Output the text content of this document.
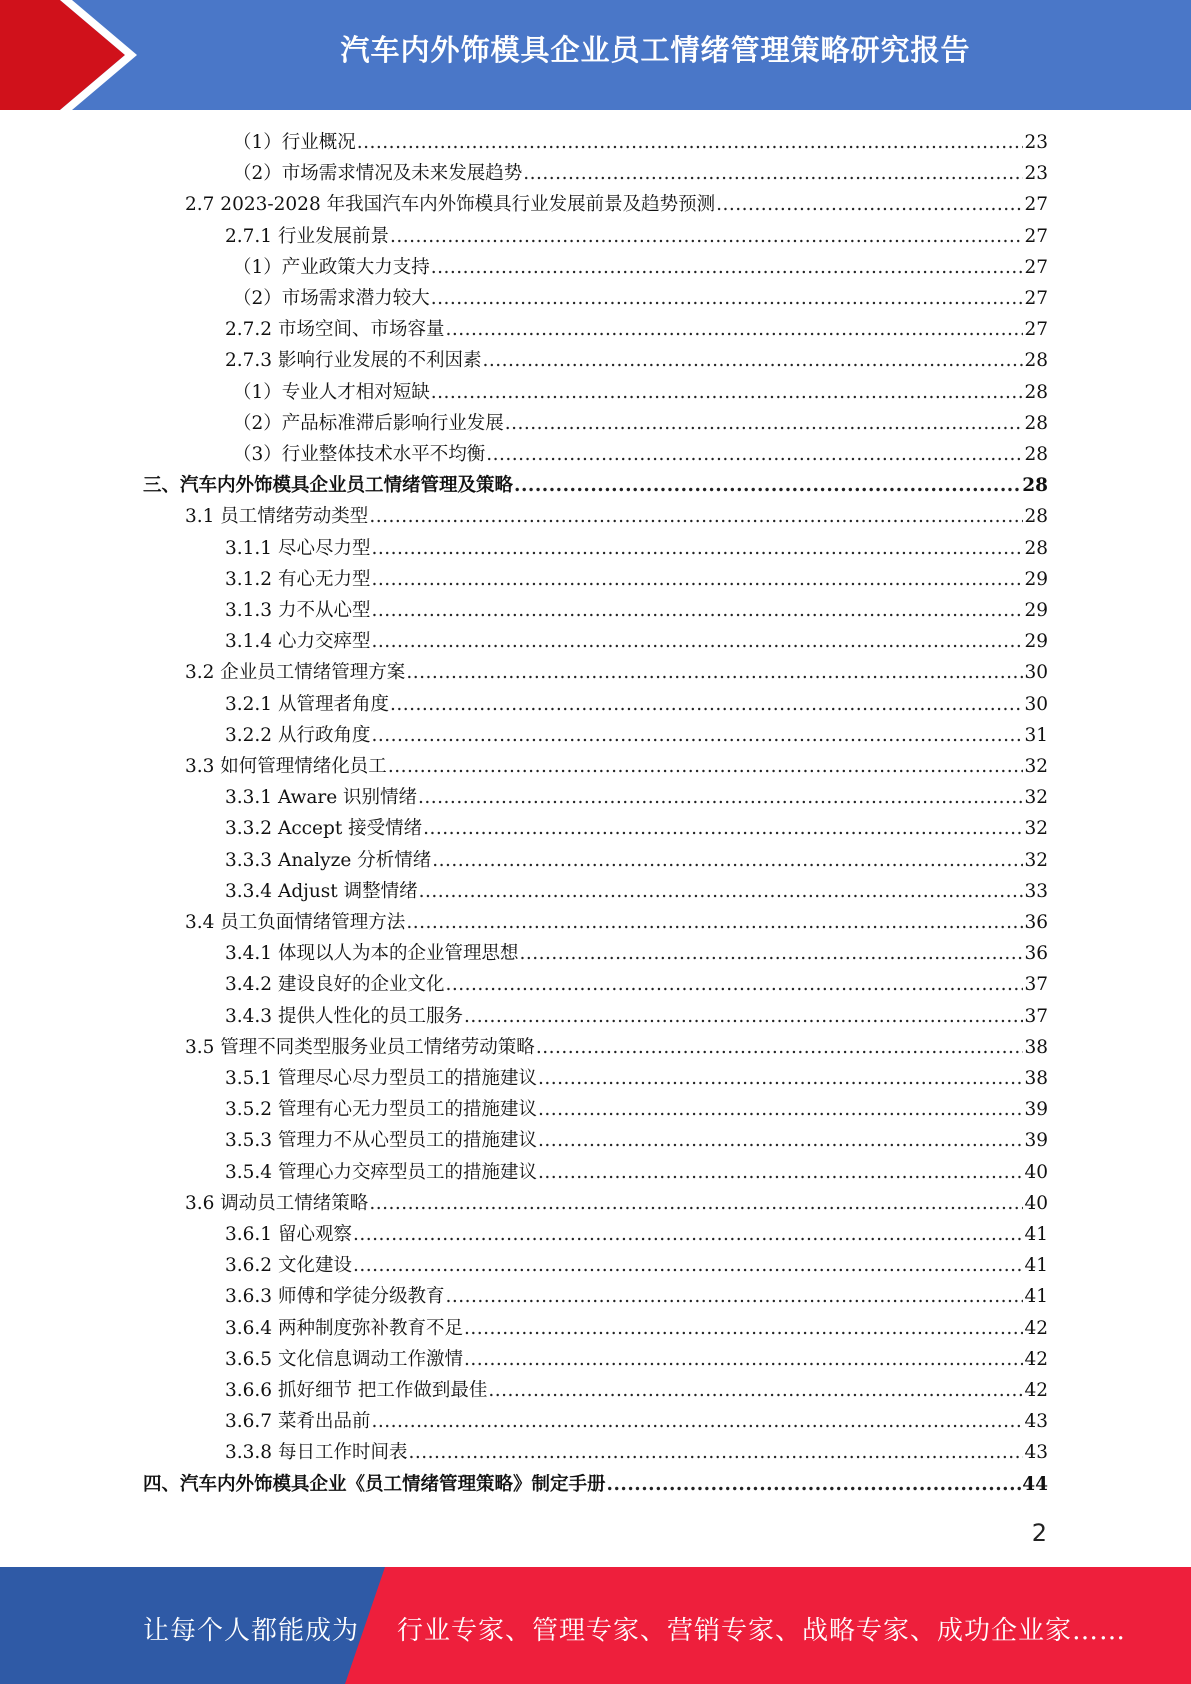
汽车内外饰模具企业员工情绪管理策略研究报告
（1）行业概况 .....	23
（2）市场需求情况及未来发展趋势 .....	23
2.7 2023-2028 年我国汽车内外饰模具行业发展前景及趋势预测 .....	27
2.7.1 行业发展前景 .....	27
（1）产业政策大力支持 .....	27
（2）市场需求潜力较大 .....	27
2.7.2 市场空间、市场容量 .....	27
2.7.3 影响行业发展的不利因素 .....	28
（1）专业人才相对短缺 .....	28
（2）产品标准滞后影响行业发展 .....	28
（3）行业整体技术水平不均衡 .....	28
三、汽车内外饰模具企业员工情绪管理及策略 .....	28
3.1 员工情绪劳动类型 .....	28
3.1.1 尽心尽力型 .....	28
3.1.2 有心无力型 .....	29
3.1.3 力不从心型 .....	29
3.1.4 心力交瘁型 .....	29
3.2 企业员工情绪管理方案 .....	30
3.2.1 从管理者角度 .....	30
3.2.2 从行政角度 .....	31
3.3 如何管理情绪化员工 .....	32
3.3.1 Aware 识别情绪 .....	32
3.3.2 Accept 接受情绪 .....	32
3.3.3 Analyze 分析情绪 .....	32
3.3.4 Adjust 调整情绪 .....	33
3.4 员工负面情绪管理方法 .....	36
3.4.1 体现以人为本的企业管理思想 .....	36
3.4.2 建设良好的企业文化 .....	37
3.4.3 提供人性化的员工服务 .....	37
3.5 管理不同类型服务业员工情绪劳动策略 .....	38
3.5.1 管理尽心尽力型员工的措施建议 .....	38
3.5.2 管理有心无力型员工的措施建议 .....	39
3.5.3 管理力不从心型员工的措施建议 .....	39
3.5.4 管理心力交瘁型员工的措施建议 .....	40
3.6 调动员工情绪策略 .....	40
3.6.1 留心观察 .....	41
3.6.2 文化建设 .....	41
3.6.3 师傅和学徒分级教育 .....	41
3.6.4 两种制度弥补教育不足 .....	42
3.6.5 文化信息调动工作激情 .....	42
3.6.6 抓好细节 把工作做到最佳 .....	42
3.6.7 菜肴出品前 .....	43
3.3.8 每日工作时间表 .....	43
四、汽车内外饰模具企业《员工情绪管理策略》制定手册 .....	44
2
让每个人都能成为 行业专家、管理专家、营销专家、战略专家、成功企业家……
